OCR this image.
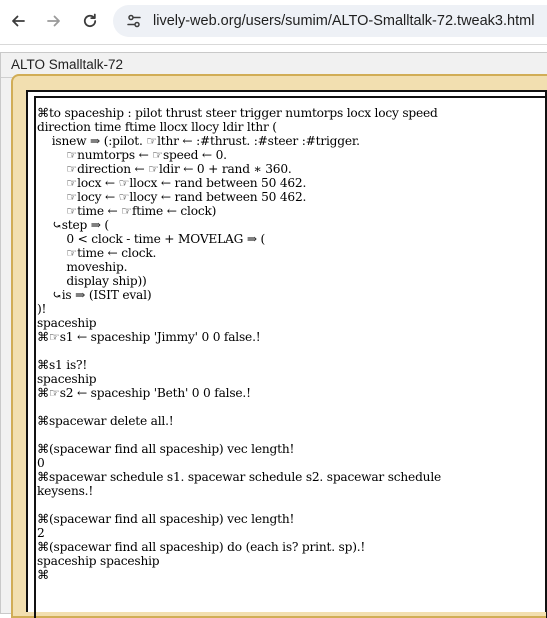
lively-web.org/users/sumim/ALTO-Smalltalk-72.tweak3.html
ALTO Smalltalk-72
⌘to spaceship : pilot thrust steer trigger numtorps locx locy speed
direction time ftime llocx llocy ldir lthr (
isnew ⇒ (:pilot. ☞lthr ← :#thrust. :#steer :#trigger.
☞numtorps ← ☞speed ← 0.
☞direction ← ☞ldir ← 0 + rand ∗ 360.
☞locx ← ☞llocx ← rand between 50 462.
☞locy ← ☞llocy ← rand between 50 462.
☞time ← ☞ftime ← clock)
⤿step ⇒ (
0 < clock - time + MOVELAG ⇒ (
☞time ← clock.
moveship.
display ship))
⤿is ⇒ (ISIT eval)
)!
spaceship
⌘☞s1 ← spaceship 'Jimmy' 0 0 false.!
⌘s1 is?!
spaceship
⌘☞s2 ← spaceship 'Beth' 0 0 false.!
⌘spacewar delete all.!
⌘(spacewar find all spaceship) vec length!
0
⌘spacewar schedule s1. spacewar schedule s2. spacewar schedule
keysens.!
⌘(spacewar find all spaceship) vec length!
2
⌘(spacewar find all spaceship) do (each is? print. sp).!
spaceship spaceship
⌘
